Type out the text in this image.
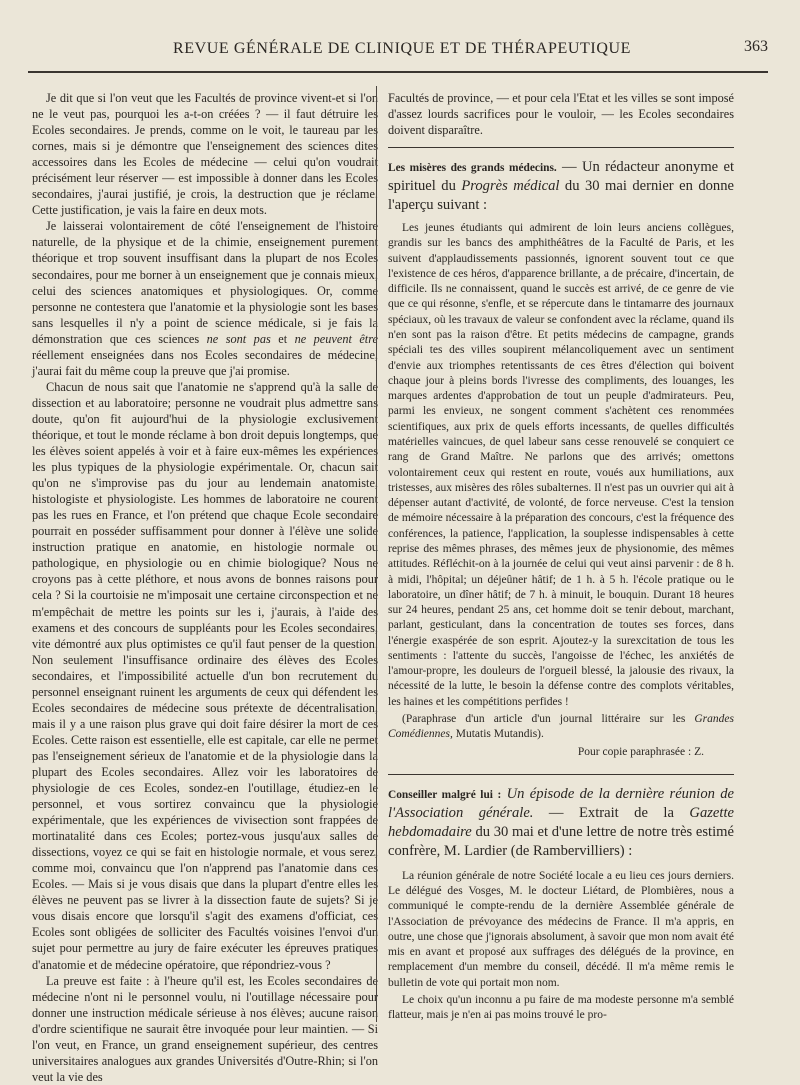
REVUE GÉNÉRALE DE CLINIQUE ET DE THÉRAPEUTIQUE	363

Je dit que si l'on veut que les Facultés de province vivent-et si l'on ne le veut pas, pourquoi les a-t-on créées ? — il faut détruire les Ecoles secondaires. Je prends, comme on le voit, le taureau par les cornes, mais si je démontre que l'enseignement des sciences dites accessoires dans les Ecoles de médecine — celui qu'on voudrait précisément leur réserver — est impossible à donner dans les Ecoles secondaires, j'aurai justifié, je crois, la destruction que je réclame. Cette justification, je vais la faire en deux mots.

Je laisserai volontairement de côté l'enseignement de l'histoire naturelle, de la physique et de la chimie, enseignement purement théorique et trop souvent insuffisant dans la plupart de nos Ecoles secondaires, pour me borner à un enseignement que je connais mieux, celui des sciences anatomiques et physiologiques. Or, comme personne ne contestera que l'anatomie et la physiologie sont les bases sans lesquelles il n'y a point de science médicale, si je fais la démonstration que ces sciences ne sont pas et ne peuvent être réellement enseignées dans nos Ecoles secondaires de médecine, j'aurai fait du même coup la preuve que j'ai promise.

Chacun de nous sait que l'anatomie ne s'apprend qu'à la salle de dissection et au laboratoire; personne ne voudrait plus admettre sans doute, qu'on fit aujourd'hui de la physiologie exclusivement théorique, et tout le monde réclame à bon droit depuis longtemps, que les élèves soient appelés à voir et à faire eux-mêmes les expériences les plus typiques de la physiologie expérimentale. Or, chacun sait qu'on ne s'improvise pas du jour au lendemain anatomiste, histologiste et physiologiste. Les hommes de laboratoire ne courent pas les rues en France, et l'on prétend que chaque Ecole secondaire pourrait en posséder suffisamment pour donner à l'élève une solide instruction pratique en anatomie, en histologie normale ou pathologique, en physiologie ou en chimie biologique? Nous ne croyons pas à cette pléthore, et nous avons de bonnes raisons pour cela ? Si la courtoisie ne m'imposait une certaine circonspection et ne m'empêchait de mettre les points sur les i, j'aurais, à l'aide des examens et des concours de suppléants pour les Ecoles secondaires, vite démontré aux plus optimistes ce qu'il faut penser de la question. Non seulement l'insuffisance ordinaire des élèves des Ecoles secondaires, et l'impossibilité actuelle d'un bon recrutement du personnel enseignant ruinent les arguments de ceux qui défendent les Ecoles secondaires de médecine sous prétexte de décentralisation, mais il y a une raison plus grave qui doit faire désirer la mort de ces Ecoles. Cette raison est essentielle, elle est capitale, car elle ne permet pas l'enseignement sérieux de l'anatomie et de la physiologie dans la plupart des Ecoles secondaires. Allez voir les laboratoires de physiologie de ces Ecoles, sondez-en l'outillage, étudiez-en le personnel, et vous sortirez convaincu que la physiologie expérimentale, que les expériences de vivisection sont frappées de mortinatalité dans ces Ecoles; portez-vous jusqu'aux salles de dissections, voyez ce qui se fait en histologie normale, et vous serez, comme moi, convaincu que l'on n'apprend pas l'anatomie dans ces Ecoles. — Mais si je vous disais que dans la plupart d'entre elles les élèves ne peuvent pas se livrer à la dissection faute de sujets? Si je vous disais encore que lorsqu'il s'agit des examens d'officiat, ces Ecoles sont obligées de solliciter des Facultés voisines l'envoi d'un sujet pour permettre au jury de faire exécuter les épreuves pratiques d'anatomie et de médecine opératoire, que répondriez-vous ?

La preuve est faite : à l'heure qu'il est, les Ecoles secondaires de médecine n'ont ni le personnel voulu, ni l'outillage nécessaire pour donner une instruction médicale sérieuse à nos élèves; aucune raison d'ordre scientifique ne saurait être invoquée pour leur maintien. — Si l'on veut, en France, un grand enseignement supérieur, des centres universitaires analogues aux grandes Universités d'Outre-Rhin; si l'on veut la vie des

Facultés de province, — et pour cela l'Etat et les villes se sont imposé d'assez lourds sacrifices pour le vouloir, — les Ecoles secondaires doivent disparaître.

Les misères des grands médecins. — Un rédacteur anonyme et spirituel du Progrès médical du 30 mai dernier en donne l'aperçu suivant :

Les jeunes étudiants qui admirent de loin leurs anciens collègues, grandis sur les bancs des amphithéâtres de la Faculté de Paris, et les suivent d'applaudissements passionnés, ignorent souvent tout ce que l'existence de ces héros, d'apparence brillante, a de précaire, d'incertain, de difficile. Ils ne connaissent, quand le succès est arrivé, de ce genre de vie que ce qui résonne, s'enfle, et se répercute dans le tintamarre des journaux spéciaux, où les travaux de valeur se confondent avec la réclame, quand ils n'en sont pas la raison d'être. Et petits médecins de campagne, grands spéciali tes des villes soupirent mélancoliquement avec un sentiment d'envie aux triomphes retentissants de ces êtres d'élection qui boivent chaque jour à pleins bords l'ivresse des compliments, des louanges, les marques ardentes d'approbation de tout un peuple d'admirateurs. Peu, parmi les envieux, ne songent comment s'achètent ces renommées scientifiques, aux prix de quels efforts incessants, de quelles difficultés matérielles vaincues, de quel labeur sans cesse renouvelé se conquiert ce rang de Grand Maître. Ne parlons que des arrivés; omettons volontairement ceux qui restent en route, voués aux humiliations, aux tristesses, aux misères des rôles subalternes. Il n'est pas un ouvrier qui ait à dépenser autant d'activité, de volonté, de force nerveuse. C'est la tension de mémoire nécessaire à la préparation des concours, c'est la fréquence des conférences, la patience, l'application, la souplesse indispensables à cette reprise des mêmes phrases, des mêmes jeux de physionomie, des mêmes attitudes. Réfléchit-on à la journée de celui qui veut ainsi parvenir : de 8 h. à midi, l'hôpital; un déjeûner hâtif; de 1 h. à 5 h. l'école pratique ou le laboratoire, un dîner hâtif; de 7 h. à minuit, le bouquin. Durant 18 heures sur 24 heures, pendant 25 ans, cet homme doit se tenir debout, marchant, parlant, gesticulant, dans la concentration de toutes ses forces, dans l'énergie exaspérée de son esprit. Ajoutez-y la surexcitation de tous les sentiments : l'attente du succès, l'angoisse de l'échec, les anxiétés de l'amour-propre, les douleurs de l'orgueil blessé, la jalousie des rivaux, la nécessité de la lutte, le besoin la défense contre des complots véritables, les haines et les compétitions perfides !

(Paraphrase d'un article d'un journal littéraire sur les Grandes Comédiennes, Mutatis Mutandis).

Pour copie paraphrasée : Z.

Conseiller malgré lui : Un épisode de la dernière réunion de l'Association générale. — Extrait de la Gazette hebdomadaire du 30 mai et d'une lettre de notre très estimé confrère, M. Lardier (de Rambervilliers) :

La réunion générale de notre Société locale a eu lieu ces jours derniers. Le délégué des Vosges, M. le docteur Liétard, de Plombières, nous a communiqué le compte-rendu de la dernière Assemblée générale de l'Association de prévoyance des médecins de France. Il m'a appris, en outre, une chose que j'ignorais absolument, à savoir que mon nom avait été mis en avant et proposé aux suffrages des délégués de la province, en remplacement d'un membre du conseil, décédé. Il m'a même remis le bulletin de vote qui portait mon nom.

Le choix qu'un inconnu a pu faire de ma modeste personne m'a semblé flatteur, mais je n'en ai pas moins trouvé le pro-
